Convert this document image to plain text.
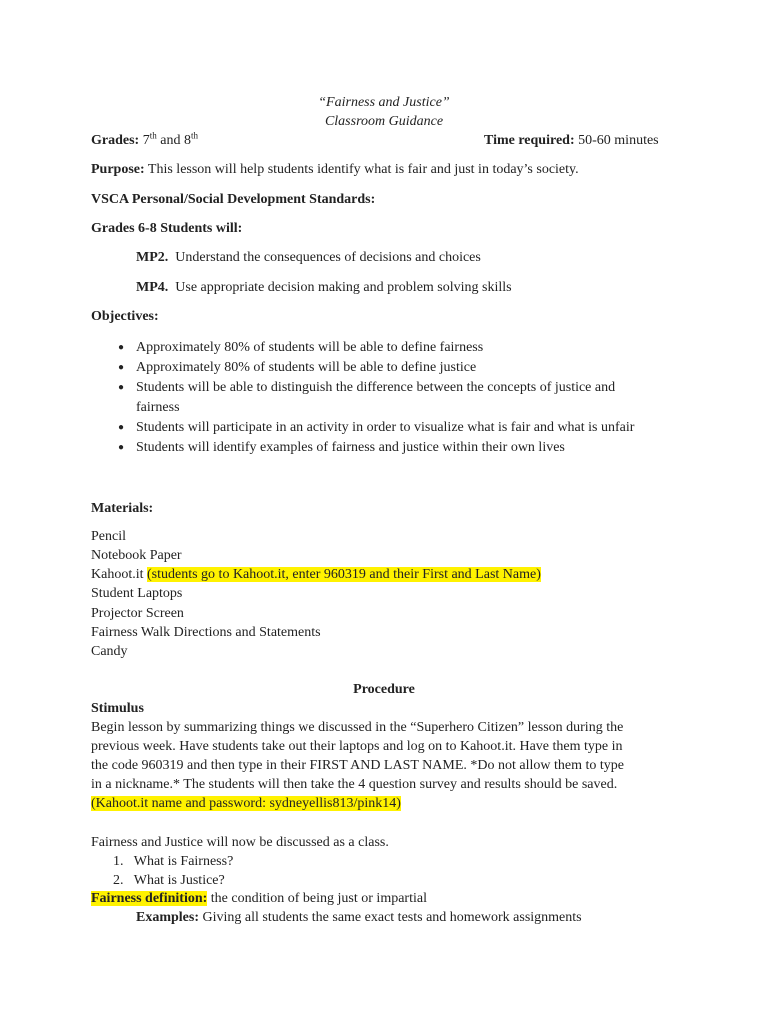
“Fairness and Justice”
Classroom Guidance
Grades: 7th and 8th	Time required: 50-60 minutes
Purpose: This lesson will help students identify what is fair and just in today’s society.
VSCA Personal/Social Development Standards:
Grades 6-8 Students will:
MP2. Understand the consequences of decisions and choices
MP4. Use appropriate decision making and problem solving skills
Objectives:
● Approximately 80% of students will be able to define fairness
● Approximately 80% of students will be able to define justice
● Students will be able to distinguish the difference between the concepts of justice and
fairness
● Students will participate in an activity in order to visualize what is fair and what is unfair
● Students will identify examples of fairness and justice within their own lives
Materials:
Pencil
Notebook Paper
Kahoot.it (students go to Kahoot.it, enter 960319 and their First and Last Name)
Student Laptops
Projector Screen
Fairness Walk Directions and Statements
Candy
Procedure
Stimulus
Begin lesson by summarizing things we discussed in the “Superhero Citizen” lesson during the
previous week. Have students take out their laptops and log on to Kahoot.it. Have them type in
the code 960319 and then type in their FIRST AND LAST NAME. *Do not allow them to type
in a nickname.* The students will then take the 4 question survey and results should be saved.
(Kahoot.it name and password: sydneyellis813/pink14)
Fairness and Justice will now be discussed as a class.
1. What is Fairness?
2. What is Justice?
Fairness definition: the condition of being just or impartial
Examples: Giving all students the same exact tests and homework assignments
